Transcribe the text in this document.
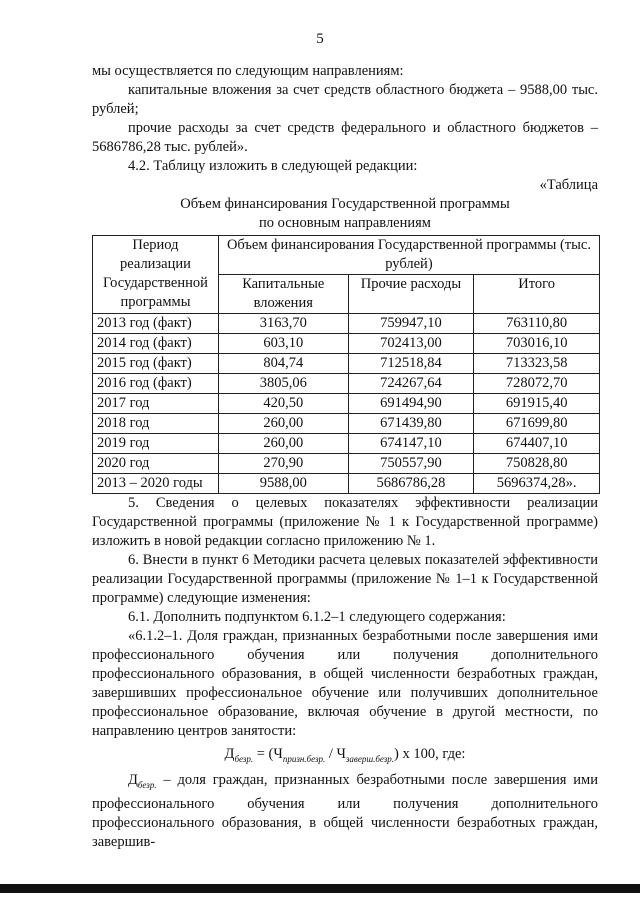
5

мы осуществляется по следующим направлениям:

капитальные вложения за счет средств областного бюджета – 9588,00 тыс. рублей;

прочие расходы за счет средств федерального и областного бюджетов – 5686786,28 тыс. рублей».

4.2. Таблицу изложить в следующей редакции:

«Таблица

Объем финансирования Государственной программы

по основным направлениям

Период реализации Государственной программы	Объем финансирования Государственной программы (тыс. рублей)		
	Капитальные вложения	Прочие расходы	Итого
2013 год (факт)	3163,70	759947,10	763110,80
2014 год (факт)	603,10	702413,00	703016,10
2015 год (факт)	804,74	712518,84	713323,58
2016 год (факт)	3805,06	724267,64	728072,70
2017 год	420,50	691494,90	691915,40
2018 год	260,00	671439,80	671699,80
2019 год	260,00	674147,10	674407,10
2020 год	270,90	750557,90	750828,80
2013 – 2020 годы	9588,00	5686786,28	5696374,28».

5. Сведения о целевых показателях эффективности реализации Государственной программы (приложение № 1 к Государственной программе) изложить в новой редакции согласно приложению № 1.

6. Внести в пункт 6 Методики расчета целевых показателей эффективности реализации Государственной программы (приложение № 1–1 к Государственной программе) следующие изменения:

6.1. Дополнить подпунктом 6.1.2–1 следующего содержания:

«6.1.2–1. Доля граждан, признанных безработными после завершения ими профессионального обучения или получения дополнительного профессионального образования, в общей численности безработных граждан, завершивших профессиональное обучение или получивших дополнительное профессиональное образование, включая обучение в другой местности, по направлению центров занятости:

$Д_{безр.} = (Ч_{призн.безр.} / Ч_{заверш.безр.})$ х 100, где:

$Д_{безр.}$ – доля граждан, признанных безработными после завершения ими профессионального обучения или получения дополнительного профессионального образования, в общей численности безработных граждан, завершив-
